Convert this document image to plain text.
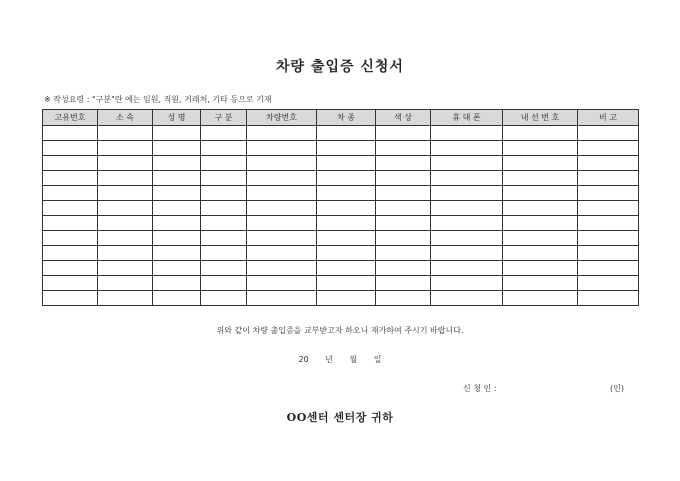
차량 출입증 신청서
※ 작성요령 : "구분"란 에는 임원, 직원, 거래처, 기타 등으로 기재
고유번호	소 속	성 명	구 분	차량번호	차 종	색 상	휴 대 폰	내 선 번 호	비 고

위와 같이 차량 출입증을 교부받고자 하오니 재가하여 주시기 바랍니다.
20 년 월 일
신 청 인 :	(인)
OO센터 센터장 귀하
